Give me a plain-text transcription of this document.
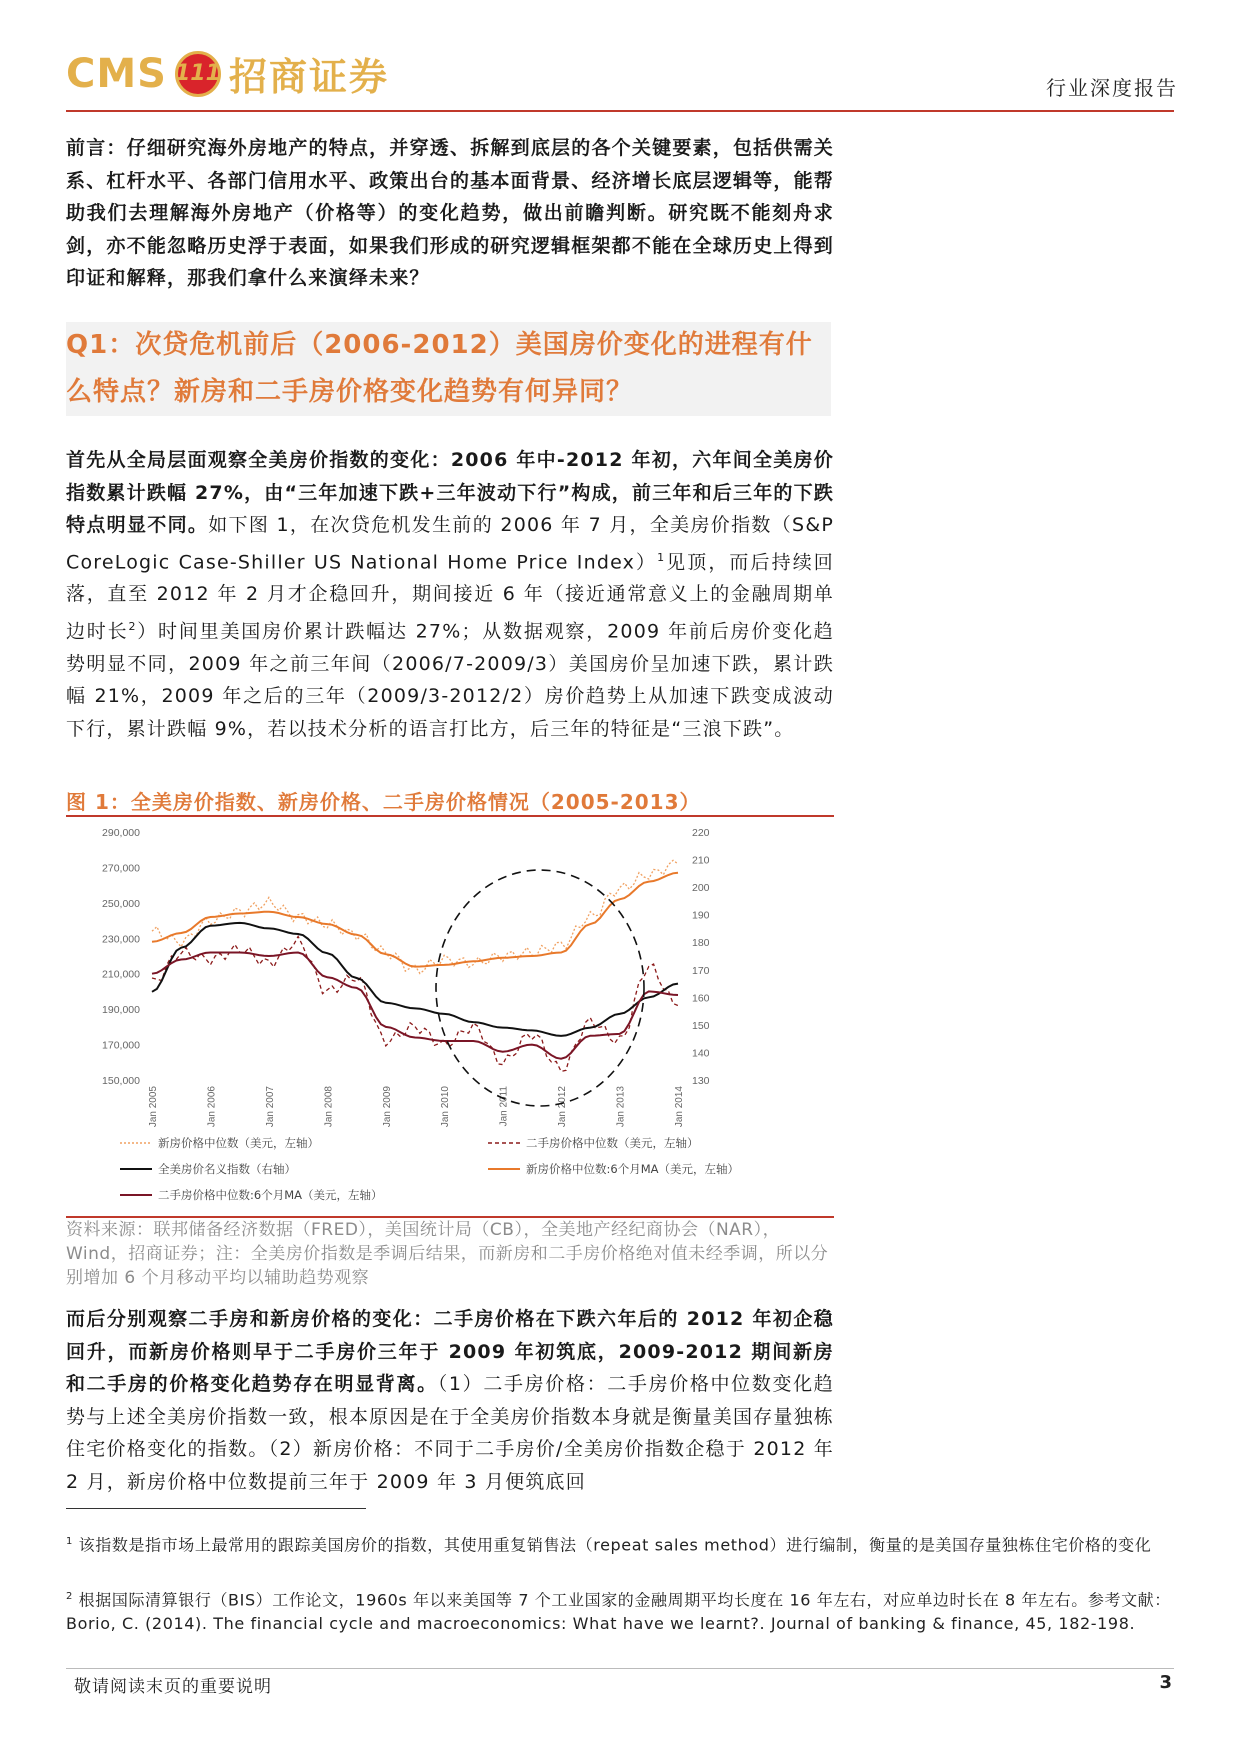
CMS 111 招商证券	行业深度报告
前言：仔细研究海外房地产的特点，并穿透、拆解到底层的各个关键要素，包括供需关系、杠杆水平、各部门信用水平、政策出台的基本面背景、经济增长底层逻辑等，能帮助我们去理解海外房地产（价格等）的变化趋势，做出前瞻判断。研究既不能刻舟求剑，亦不能忽略历史浮于表面，如果我们形成的研究逻辑框架都不能在全球历史上得到印证和解释，那我们拿什么来演绎未来？
Q1：次贷危机前后（2006-2012）美国房价变化的进程有什么特点？新房和二手房价格变化趋势有何异同？
首先从全局层面观察全美房价指数的变化：2006 年中-2012 年初，六年间全美房价指数累计跌幅 27%，由“三年加速下跌+三年波动下行”构成，前三年和后三年的下跌特点明显不同。如下图 1，在次贷危机发生前的 2006 年 7 月，全美房价指数（S&P CoreLogic Case-Shiller US National Home Price Index）$^1$见顶，而后持续回落，直至 2012 年 2 月才企稳回升，期间接近 6 年（接近通常意义上的金融周期单边时长$^2$）时间里美国房价累计跌幅达 27%；从数据观察，2009 年前后房价变化趋势明显不同，2009 年之前三年间（2006/7-2009/3）美国房价呈加速下跌，累计跌幅 21%，2009 年之后的三年（2009/3-2012/2）房价趋势上从加速下跌变成波动下行，累计跌幅 9%，若以技术分析的语言打比方，后三年的特征是“三浪下跌”。
图 1：全美房价指数、新房价格、二手房价格情况（2005-2013）
290,000
270,000
250,000
230,000
210,000
190,000
170,000
150,000
220
210
200
190
180
170
160
150
140
130
Jan 2005	Jan 2006	Jan 2007	Jan 2008	Jan 2009	Jan 2010	Jan 2011	Jan 2012	Jan 2013	Jan 2014
新房价格中位数（美元，左轴）	二手房价格中位数（美元，左轴）
全美房价名义指数（右轴）	新房价格中位数:6个月MA（美元，左轴）
二手房价格中位数:6个月MA（美元，左轴）
资料来源：联邦储备经济数据（FRED），美国统计局（CB），全美地产经纪商协会（NAR），Wind，招商证券；注：全美房价指数是季调后结果，而新房和二手房价格绝对值未经季调，所以分别增加 6 个月移动平均以辅助趋势观察
而后分别观察二手房和新房价格的变化：二手房价格在下跌六年后的 2012 年初企稳回升，而新房价格则早于二手房价三年于 2009 年初筑底，2009-2012 期间新房和二手房的价格变化趋势存在明显背离。（1）二手房价格：二手房价格中位数变化趋势与上述全美房价指数一致，根本原因是在于全美房价指数本身就是衡量美国存量独栋住宅价格变化的指数。（2）新房价格：不同于二手房价/全美房价指数企稳于 2012 年 2 月，新房价格中位数提前三年于 2009 年 3 月便筑底回
$^1$ 该指数是指市场上最常用的跟踪美国房价的指数，其使用重复销售法（repeat sales method）进行编制，衡量的是美国存量独栋住宅价格的变化
$^2$ 根据国际清算银行（BIS）工作论文，1960s 年以来美国等 7 个工业国家的金融周期平均长度在 16 年左右，对应单边时长在 8 年左右。参考文献：Borio, C. (2014). The financial cycle and macroeconomics: What have we learnt?. Journal of banking & finance, 45, 182-198.
敬请阅读末页的重要说明	3
